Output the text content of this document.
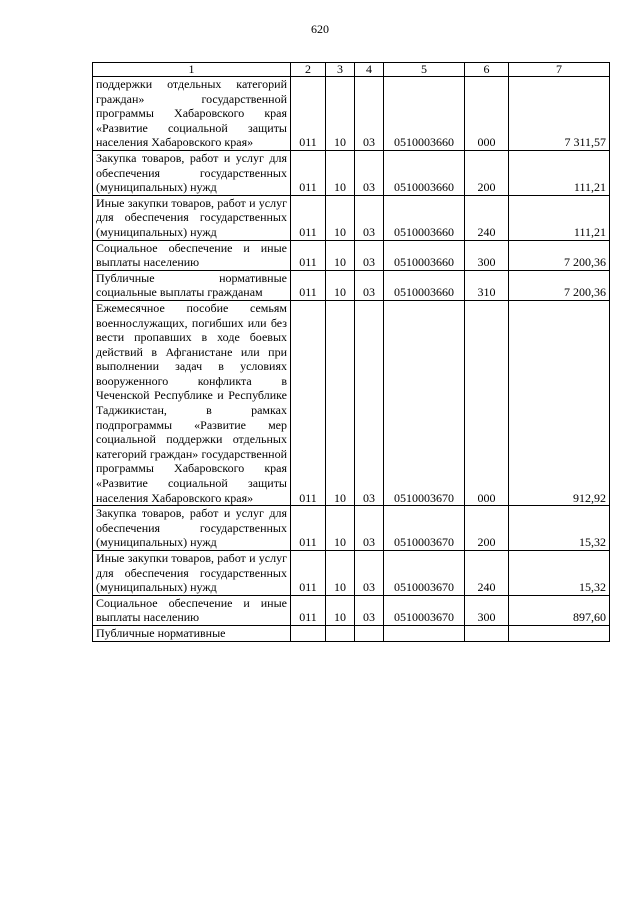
620
1	2	3	4	5	6	7
поддержки отдельных категорий граждан» государственной программы Хабаровского края «Развитие социальной защиты населения Хабаровского края»	011	10	03	0510003660	000	7 311,57
Закупка товаров, работ и услуг для обеспечения государственных (муниципальных) нужд	011	10	03	0510003660	200	111,21
Иные закупки товаров, работ и услуг для обеспечения государственных (муниципальных) нужд	011	10	03	0510003660	240	111,21
Социальное обеспечение и иные выплаты населению	011	10	03	0510003660	300	7 200,36
Публичные нормативные социальные выплаты гражданам	011	10	03	0510003660	310	7 200,36
Ежемесячное пособие семьям военнослужащих, погибших или без вести пропавших в ходе боевых действий в Афганистане или при выполнении задач в условиях вооруженного конфликта в Чеченской Республике и Республике Таджикистан, в рамках подпрограммы «Развитие мер социальной поддержки отдельных категорий граждан» государственной программы Хабаровского края «Развитие социальной защиты населения Хабаровского края»	011	10	03	0510003670	000	912,92
Закупка товаров, работ и услуг для обеспечения государственных (муниципальных) нужд	011	10	03	0510003670	200	15,32
Иные закупки товаров, работ и услуг для обеспечения государственных (муниципальных) нужд	011	10	03	0510003670	240	15,32
Социальное обеспечение и иные выплаты населению	011	10	03	0510003670	300	897,60
Публичные нормативные						
